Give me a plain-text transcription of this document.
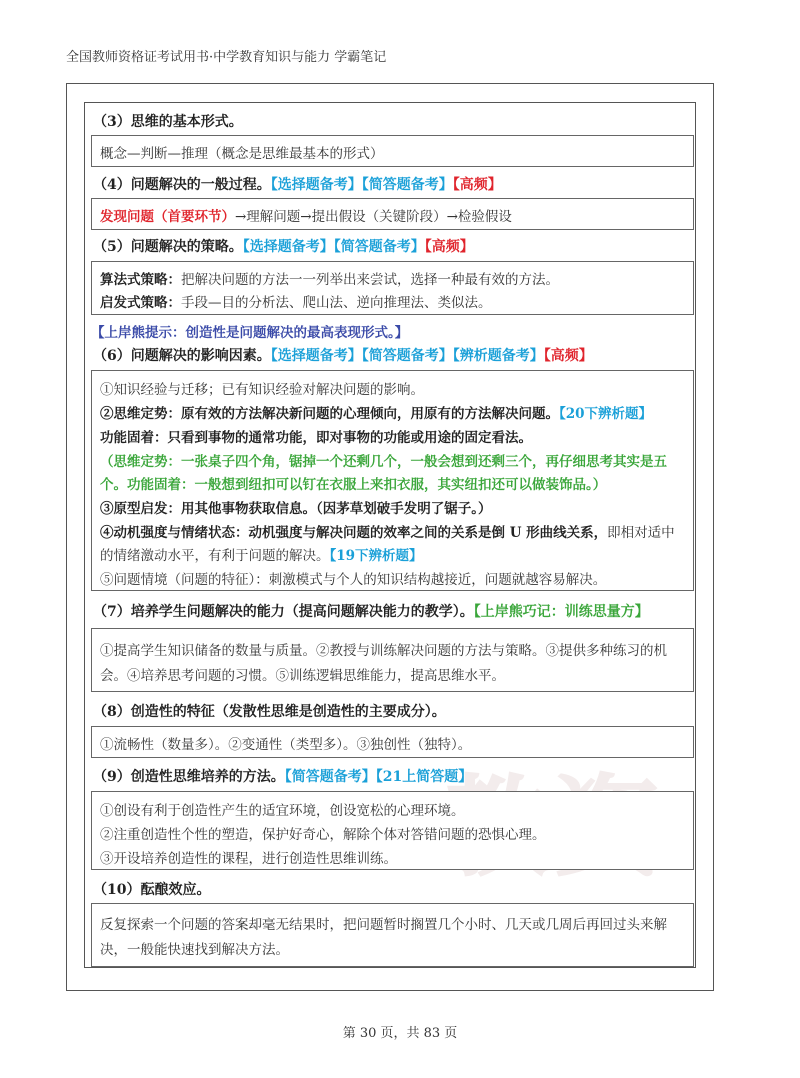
全国教师资格证考试用书·中学教育知识与能力 学霸笔记
（3）思维的基本形式。
概念—判断—推理（概念是思维最基本的形式）
（4）问题解决的一般过程。【选择题备考】【简答题备考】【高频】
发现问题（首要环节）→理解问题→提出假设（关键阶段）→检验假设
（5）问题解决的策略。【选择题备考】【简答题备考】【高频】
算法式策略：把解决问题的方法一一列举出来尝试，选择一种最有效的方法。
启发式策略：手段—目的分析法、爬山法、逆向推理法、类似法。
【上岸熊提示：创造性是问题解决的最高表现形式。】
（6）问题解决的影响因素。【选择题备考】【简答题备考】【辨析题备考】【高频】
①知识经验与迁移；已有知识经验对解决问题的影响。
②思维定势：原有效的方法解决新问题的心理倾向，用原有的方法解决问题。【20下辨析题】
功能固着：只看到事物的通常功能，即对事物的功能或用途的固定看法。
（思维定势：一张桌子四个角，锯掉一个还剩几个，一般会想到还剩三个，再仔细思考其实是五
个。功能固着：一般想到纽扣可以钉在衣服上来扣衣服，其实纽扣还可以做装饰品。）
③原型启发：用其他事物获取信息。（因茅草划破手发明了锯子。）
④动机强度与情绪状态：动机强度与解决问题的效率之间的关系是倒 U 形曲线关系，即相对适中
的情绪激动水平，有利于问题的解决。【19下辨析题】
⑤问题情境（问题的特征）：刺激模式与个人的知识结构越接近，问题就越容易解决。
（7）培养学生问题解决的能力（提高问题解决能力的教学）。【上岸熊巧记：训练思量方】
①提高学生知识储备的数量与质量。②教授与训练解决问题的方法与策略。③提供多种练习的机
会。④培养思考问题的习惯。⑤训练逻辑思维能力，提高思维水平。
（8）创造性的特征（发散性思维是创造性的主要成分）。
①流畅性（数量多）。②变通性（类型多）。③独创性（独特）。
（9）创造性思维培养的方法。【简答题备考】【21上简答题】
①创设有利于创造性产生的适宜环境，创设宽松的心理环境。
②注重创造性个性的塑造，保护好奇心，解除个体对答错问题的恐惧心理。
③开设培养创造性的课程，进行创造性思维训练。
（10）酝酿效应。
反复探索一个问题的答案却毫无结果时，把问题暂时搁置几个小时、几天或几周后再回过头来解
决，一般能快速找到解决方法。
第 30 页，共 83 页
